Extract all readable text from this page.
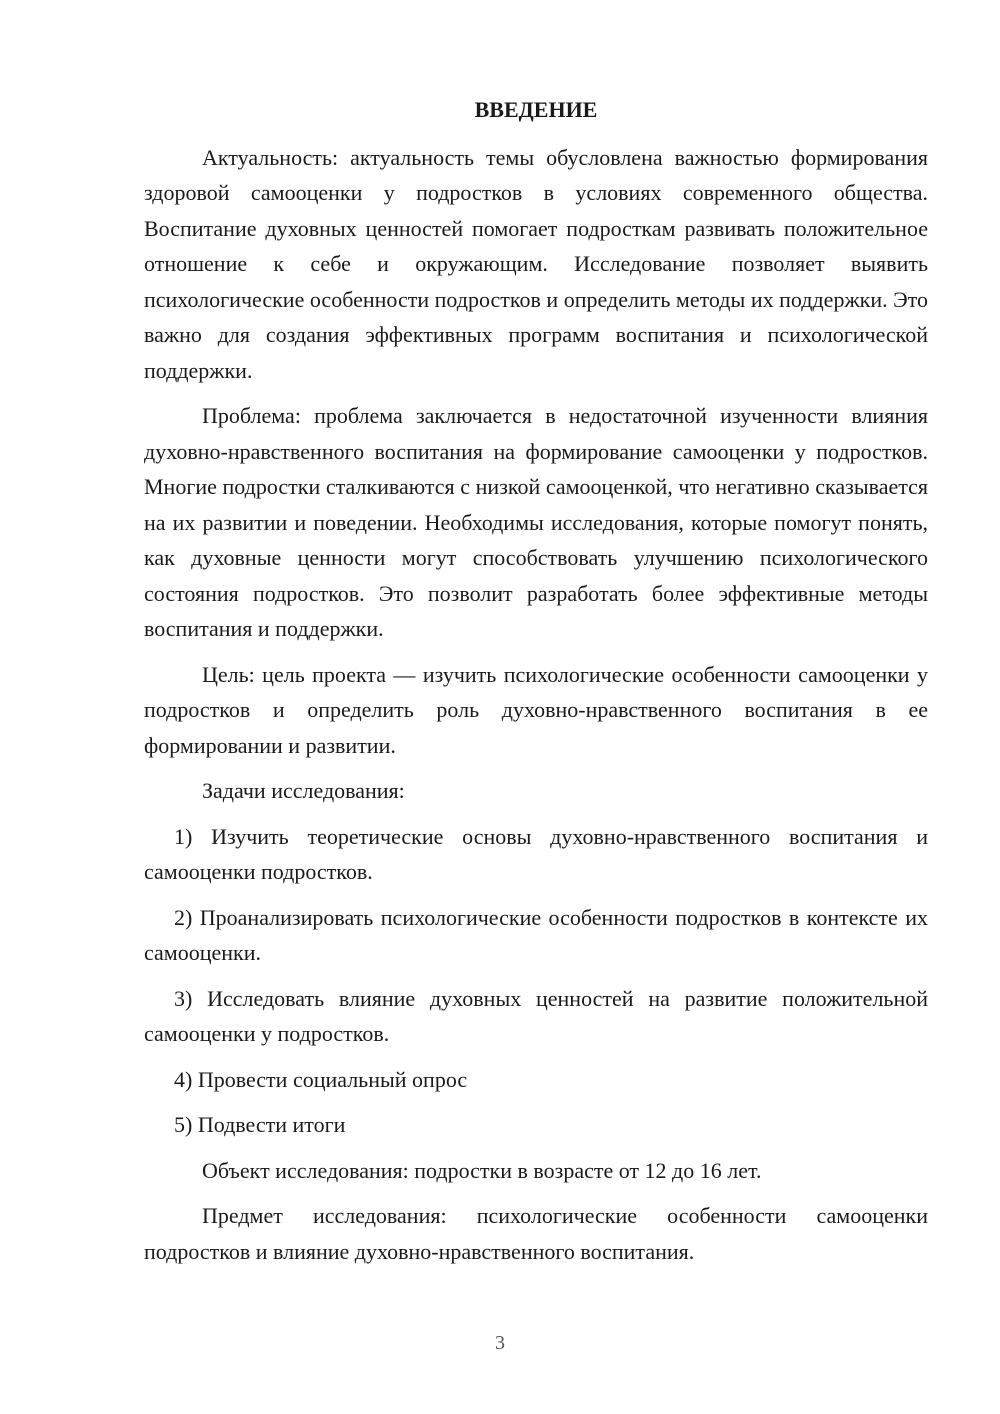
ВВЕДЕНИЕ

Актуальность: актуальность темы обусловлена важностью формирования здоровой самооценки у подростков в условиях современного общества. Воспитание духовных ценностей помогает подросткам развивать положительное отношение к себе и окружающим. Исследование позволяет выявить психологические особенности подростков и определить методы их поддержки. Это важно для создания эффективных программ воспитания и психологической поддержки.

Проблема: проблема заключается в недостаточной изученности влияния духовно-нравственного воспитания на формирование самооценки у подростков. Многие подростки сталкиваются с низкой самооценкой, что негативно сказывается на их развитии и поведении. Необходимы исследования, которые помогут понять, как духовные ценности могут способствовать улучшению психологического состояния подростков. Это позволит разработать более эффективные методы воспитания и поддержки.

Цель: цель проекта — изучить психологические особенности самооценки у подростков и определить роль духовно-нравственного воспитания в ее формировании и развитии.

Задачи исследования:

1) Изучить теоретические основы духовно-нравственного воспитания и самооценки подростков.

2) Проанализировать психологические особенности подростков в контексте их самооценки.

3) Исследовать влияние духовных ценностей на развитие положительной самооценки у подростков.

4) Провести социальный опрос

5) Подвести итоги

Объект исследования: подростки в возрасте от 12 до 16 лет.

Предмет исследования: психологические особенности самооценки подростков и влияние духовно-нравственного воспитания.

3
